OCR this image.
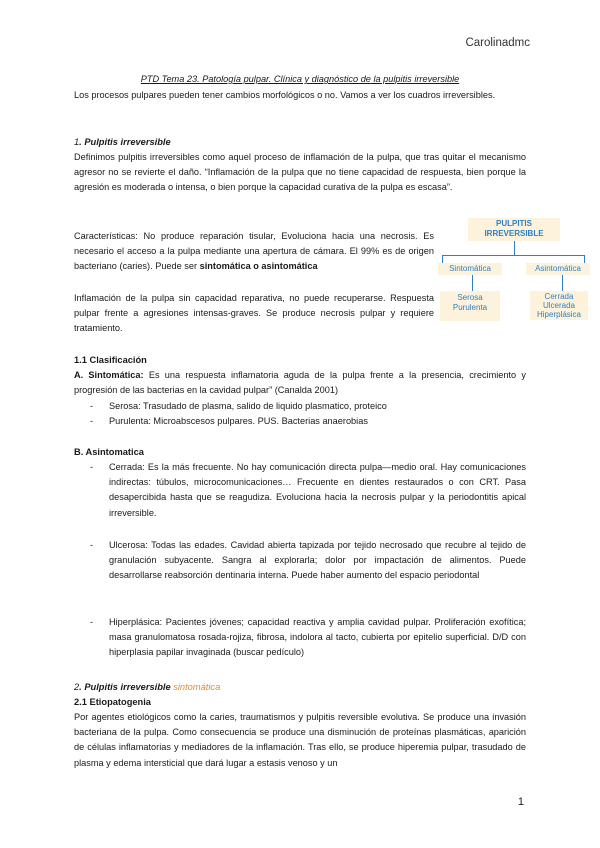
Carolinadmc
PTD Tema 23. Patología pulpar. Clínica y diagnóstico de la pulpitis irreversible
Los procesos pulpares pueden tener cambios morfológicos o no. Vamos a ver los cuadros irreversibles.
1. Pulpitis irreversible
Definimos pulpitis irreversibles como aquel proceso de inflamación de la pulpa, que tras quitar el mecanismo agresor no se revierte el daño. “Inflamación de la pulpa que no tiene capacidad de respuesta, bien porque la agresión es moderada o intensa, o bien porque la capacidad curativa de la pulpa es escasa”.
Características: No produce reparación tisular, Evoluciona hacia una necrosis. Es necesario el acceso a la pulpa mediante una apertura de cámara. El 99% es de origen bacteriano (caries). Puede ser sintomática o asintomática
Inflamación de la pulpa sin capacidad reparativa, no puede recuperarse. Respuesta pulpar frente a agresiones intensas-graves. Se produce necrosis pulpar y requiere tratamiento.
1.1 Clasificación
A. Sintomática: Es una respuesta inflamatoria aguda de la pulpa frente a la presencia, crecimiento y progresión de las bacterias en la cavidad pulpar” (Canalda 2001)
- Serosa: Trasudado de plasma, salido de liquido plasmatico, proteico
- Purulenta: Microabscesos pulpares. PUS. Bacterias anaerobias
B. Asintomatica
- Cerrada: Es la más frecuente. No hay comunicación directa pulpa—medio oral. Hay comunicaciones indirectas: túbulos, microcomunicaciones… Frecuente en dientes restaurados o con CRT. Pasa desapercibida hasta que se reagudiza. Evoluciona hacia la necrosis pulpar y la periodontitis apical irreversible.
- Ulcerosa: Todas las edades. Cavidad abierta tapizada por tejido necrosado que recubre al tejido de granulación subyacente. Sangra al explorarla; dolor por impactación de alimentos. Puede desarrollarse reabsorción dentinaria interna. Puede haber aumento del espacio periodontal
- Hiperplásica: Pacientes jóvenes; capacidad reactiva y amplia cavidad pulpar. Proliferación exofítica; masa granulomatosa rosada-rojiza, fibrosa, indolora al tacto, cubierta por epitelio superficial. D/D con hiperplasia papilar invaginada (buscar pedículo)
2. Pulpitis irreversible sintomática
2.1 Etiopatogenia
Por agentes etiológicos como la caries, traumatismos y pulpitis reversible evolutiva. Se produce una invasión bacteriana de la pulpa. Como consecuencia se produce una disminución de proteínas plasmáticas, aparición de células inflamatorias y mediadores de la inflamación. Tras ello, se produce hiperemia pulpar, trasudado de plasma y edema intersticial que dará lugar a estasis venoso y un
PULPITIS IRREVERSIBLE
Sintomática	Asintomática
Serosa Purulenta
Cerrada Ulcerada Hiperplásica
1
